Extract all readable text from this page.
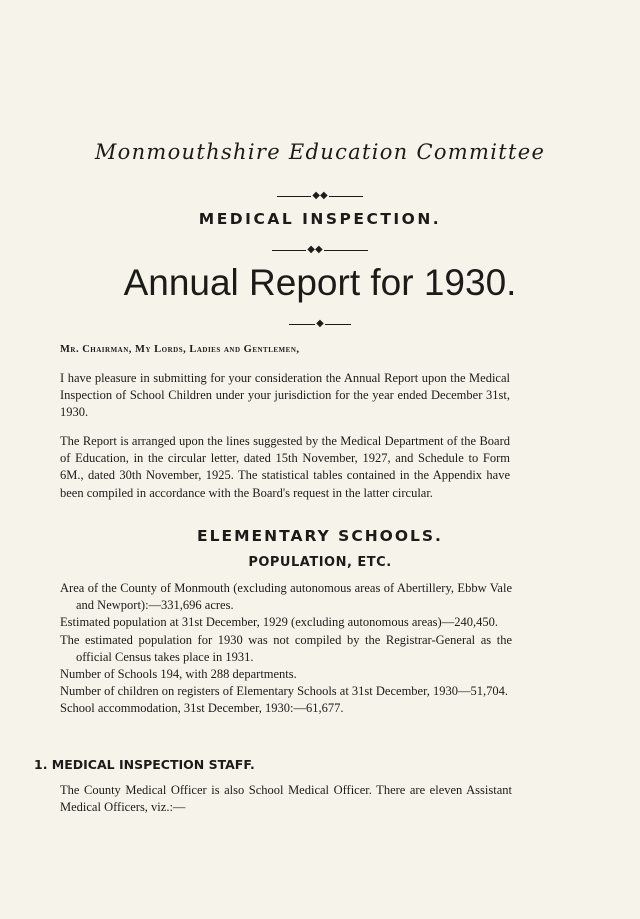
Monmouthshire Education Committee
◆◆
MEDICAL INSPECTION.
◆◆
Annual Report for 1930.
◆
Mr. Chairman, My Lords, Ladies and Gentlemen,

I have pleasure in submitting for your consideration the Annual Report upon the Medical Inspection of School Children under your jurisdiction for the year ended December 31st, 1930.

The Report is arranged upon the lines suggested by the Medical Department of the Board of Education, in the circular letter, dated 15th November, 1927, and Schedule to Form 6M., dated 30th November, 1925. The statistical tables contained in the Appendix have been compiled in accordance with the Board's request in the latter circular.

ELEMENTARY SCHOOLS.
POPULATION, ETC.
Area of the County of Monmouth (excluding autonomous areas of Abertillery, Ebbw Vale and Newport):—331,696 acres.
Estimated population at 31st December, 1929 (excluding autonomous areas)—240,450.
The estimated population for 1930 was not compiled by the Registrar-General as the official Census takes place in 1931.
Number of Schools 194, with 288 departments.
Number of children on registers of Elementary Schools at 31st December, 1930—51,704.
School accommodation, 31st December, 1930:—61,677.
1. MEDICAL INSPECTION STAFF.

The County Medical Officer is also School Medical Officer. There are eleven Assistant Medical Officers, viz.:—
